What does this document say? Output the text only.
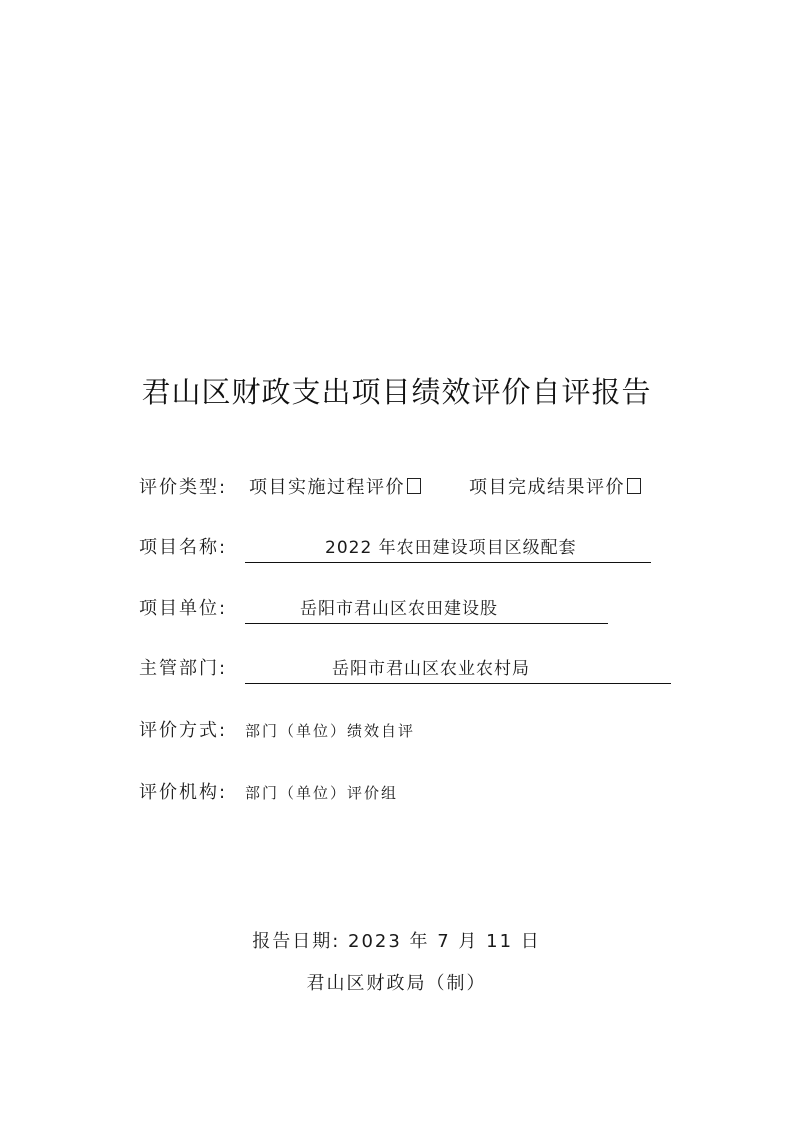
君山区财政支出项目绩效评价自评报告
评价类型: 项目实施过程评价	项目完成结果评价
项目名称:	2022 年农田建设项目区级配套
项目单位:	岳阳市君山区农田建设股
主管部门:	岳阳市君山区农业农村局
评价方式: 部门（单位）绩效自评
评价机构: 部门（单位）评价组
报告日期: 2023 年 7 月 11 日
君山区财政局（制）
